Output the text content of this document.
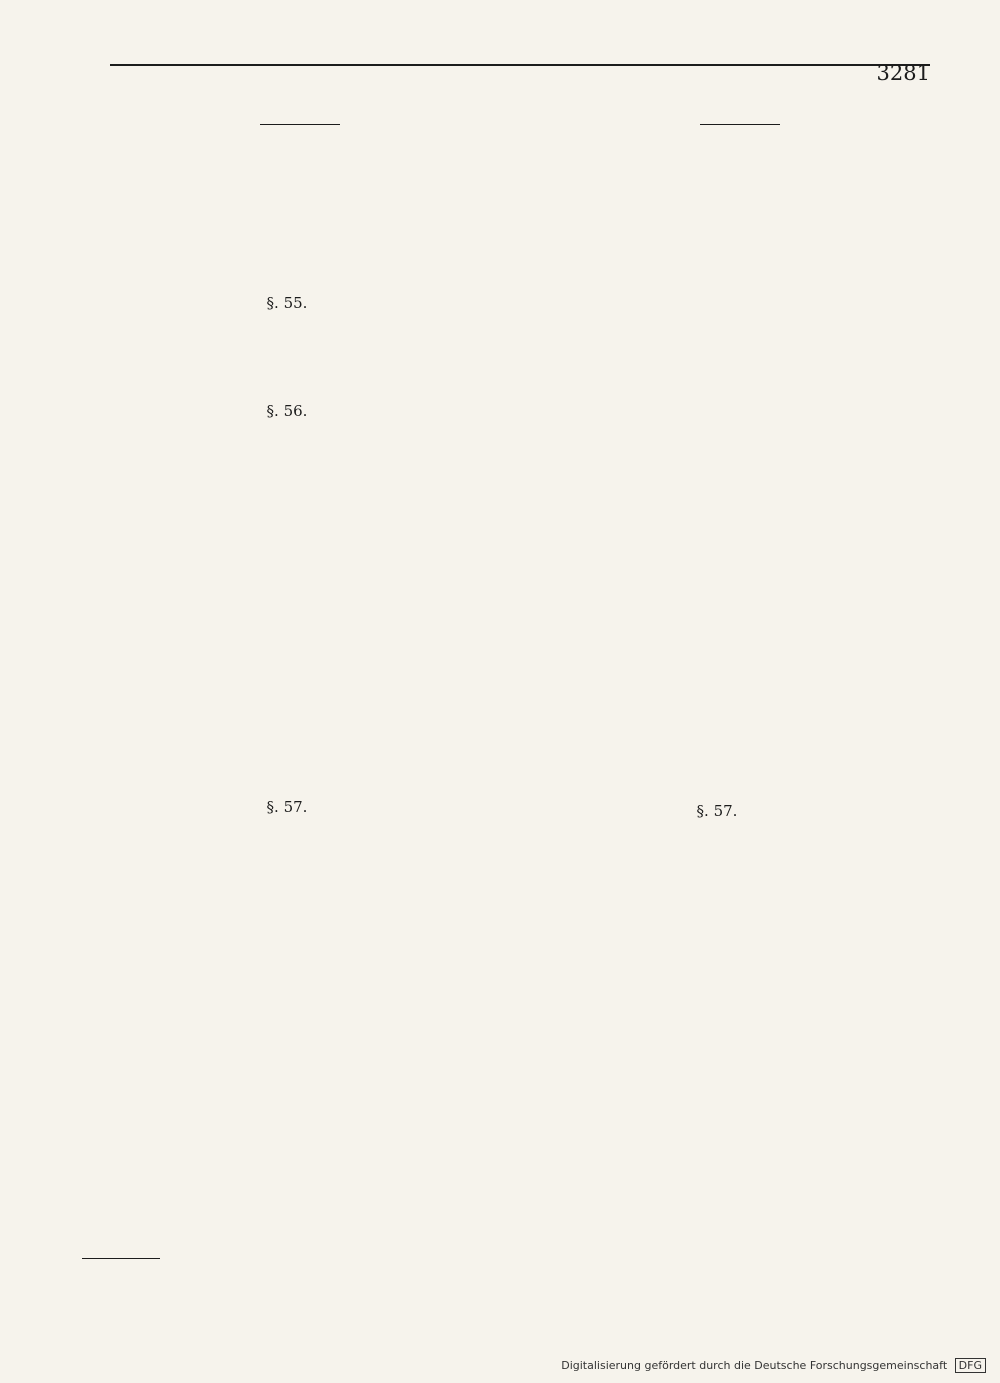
3281

§. 55.

§. 56.

§. 57.	§. 57.

Digitalisierung gefördert durch die Deutsche Forschungsgemeinschaft DFG
